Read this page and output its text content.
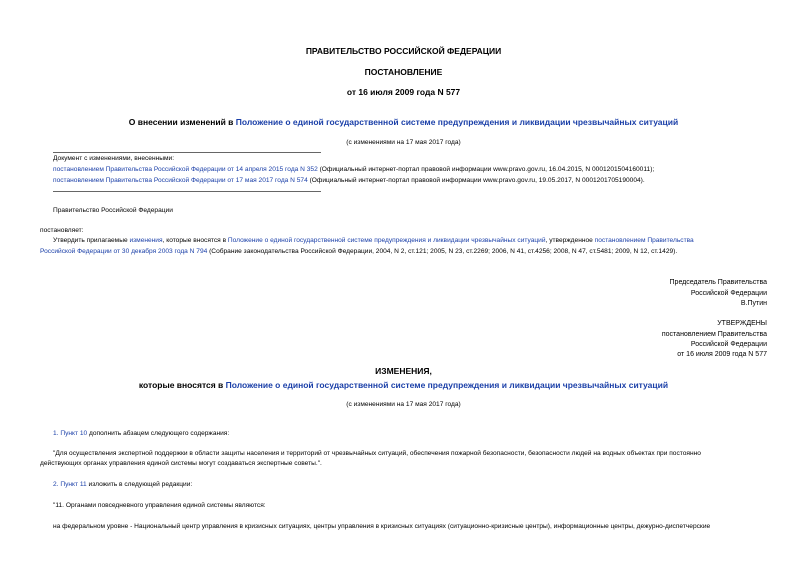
ПРАВИТЕЛЬСТВО РОССИЙСКОЙ ФЕДЕРАЦИИ
ПОСТАНОВЛЕНИЕ
от 16 июля 2009 года N 577
О внесении изменений в Положение о единой государственной системе предупреждения и ликвидации чрезвычайных ситуаций
(с изменениями на 17 мая 2017 года)
Документ с изменениями, внесенными:
постановлением Правительства Российской Федерации от 14 апреля 2015 года N 352 (Официальный интернет-портал правовой информации www.pravo.gov.ru, 16.04.2015, N 0001201504160011);
постановлением Правительства Российской Федерации от 17 мая 2017 года N 574 (Официальный интернет-портал правовой информации www.pravo.gov.ru, 19.05.2017, N 0001201705190004).
Правительство Российской Федерации
постановляет:
Утвердить прилагаемые изменения, которые вносятся в Положение о единой государственной системе предупреждения и ликвидации чрезвычайных ситуаций, утвержденное постановлением Правительства
Российской Федерации от 30 декабря 2003 года N 794 (Собрание законодательства Российской Федерации, 2004, N 2, ст.121; 2005, N 23, ст.2269; 2006, N 41, ст.4256; 2008, N 47, ст.5481; 2009, N 12, ст.1429).
Председатель Правительства
Российской Федерации
В.Путин
УТВЕРЖДЕНЫ
постановлением Правительства
Российской Федерации
от 16 июля 2009 года N 577
ИЗМЕНЕНИЯ,
которые вносятся в Положение о единой государственной системе предупреждения и ликвидации чрезвычайных ситуаций
(с изменениями на 17 мая 2017 года)
1. Пункт 10 дополнить абзацем следующего содержания:
"Для осуществления экспертной поддержки в области защиты населения и территорий от чрезвычайных ситуаций, обеспечения пожарной безопасности, безопасности людей на водных объектах при постоянно
действующих органах управления единой системы могут создаваться экспертные советы.".
2. Пункт 11 изложить в следующей редакции:
"11. Органами повседневного управления единой системы являются:
на федеральном уровне - Национальный центр управления в кризисных ситуациях, центры управления в кризисных ситуациях (ситуационно-кризисные центры), информационные центры, дежурно-диспетчерские
